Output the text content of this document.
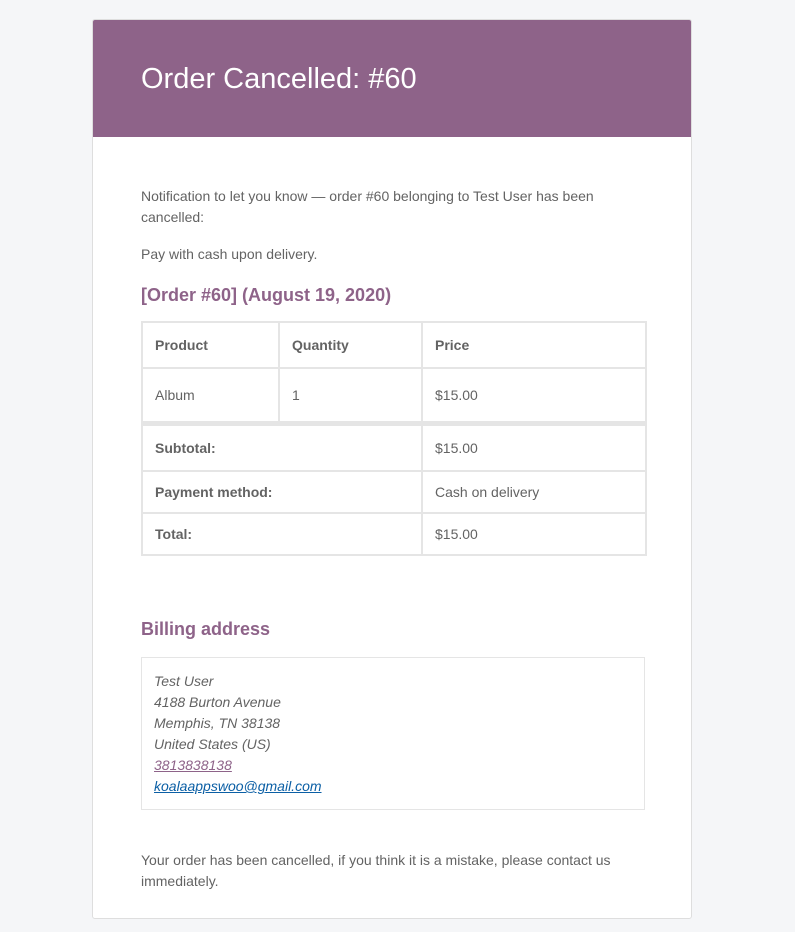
Order Cancelled: #60

Notification to let you know — order #60 belonging to Test User has been cancelled:

Pay with cash upon delivery.

[Order #60] (August 19, 2020)
Product	Quantity	Price
Album	1	$15.00
Subtotal:		$15.00
Payment method:		Cash on delivery
Total:		$15.00
Billing address
Test User
4188 Burton Avenue
Memphis, TN 38138
United States (US)
3813838138
koalaappswoo@gmail.com

Your order has been cancelled, if you think it is a mistake, please contact us immediately.
